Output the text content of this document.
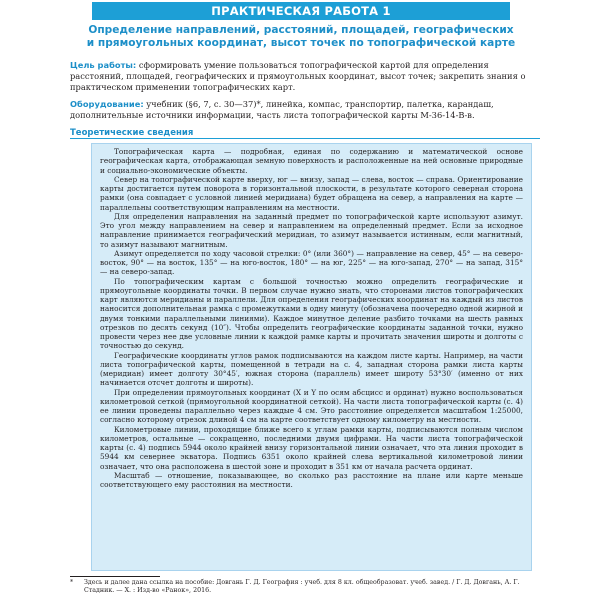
ПРАКТИЧЕСКАЯ РАБОТА 1
Определение направлений, расстояний, площадей, географических
и прямоугольных координат, высот точек по топографической карте
Цель работы: сформировать умение пользоваться топографической картой для определения расстояний, площадей, географических и прямоугольных координат, высот точек; закрепить знания о практическом применении топографических карт.
Оборудование: учебник (§6, 7, с. 30—37)*, линейка, компас, транспортир, палетка, карандаш, дополнительные источники информации, часть листа топографической карты М-36-14-В-в.
Теоретические сведения

Топографическая карта — подробная, единая по содержанию и математической основе географическая карта, отображающая земную поверхность и расположенные на ней основные природные и социально-экономические объекты.

Север на топографической карте вверху, юг — внизу, запад — слева, восток — справа. Ориентирование карты достигается путем поворота в горизонтальной плоскости, в результате которого северная сторона рамки (она совпадает с условной линией меридиана) будет обращена на север, а направления на карте — параллельны соответствующим направлениям на местности.

Для определения направления на заданный предмет по топографической карте используют азимут. Это угол между направлением на север и направлением на определенный предмет. Если за исходное направление принимается географический меридиан, то азимут называется истинным, если магнитный, то азимут называют магнитным.

Азимут определяется по ходу часовой стрелки: 0° (или 360°) — направление на север, 45° — на северо-восток, 90° — на восток, 135° — на юго-восток, 180° — на юг, 225° — на юго-запад, 270° — на запад, 315° — на северо-запад.

По топографическим картам с большой точностью можно определить географические и прямоугольные координаты точки. В первом случае нужно знать, что сторонами листов топографических карт являются меридианы и параллели. Для определения географических координат на каждый из листов наносится дополнительная рамка с промежутками в одну минуту (обозначена поочередно одной жирной и двумя тонкими параллельными линиями). Каждое минутное деление разбито точками на шесть равных отрезков по десять секунд (10″). Чтобы определить географические координаты заданной точки, нужно провести через нее две условные линии к каждой рамке карты и прочитать значения широты и долготы с точностью до секунд.

Географические координаты углов рамок подписываются на каждом листе карты. Например, на части листа топографической карты, помещенной в тетради на с. 4, западная сторона рамки листа карты (меридиан) имеет долготу 30°45′, южная сторона (параллель) имеет широту 53°30′ (именно от них начинается отсчет долготы и широты).

При определении прямоугольных координат (X и Y по осям абсцисс и ординат) нужно воспользоваться километровой сеткой (прямоугольной координатной сеткой). На части листа топографической карты (с. 4) ее линии проведены параллельно через каждые 4 см. Это расстояние определяется масштабом 1:25000, согласно которому отрезок длиной 4 см на карте соответствует одному километру на местности.

Километровые линии, проходящие ближе всего к углам рамки карты, подписываются полным числом километров, остальные — сокращенно, последними двумя цифрами. На части листа топографической карты (с. 4) подпись 5944 около крайней внизу горизонтальной линии означает, что эта линия проходит в 5944 км севернее экватора. Подпись 6351 около крайней слева вертикальной километровой линии означает, что она расположена в шестой зоне и проходит в 351 км от начала расчета ординат.

Масштаб — отношение, показывающее, во сколько раз расстояние на плане или карте меньше соответствующего ему расстояния на местности.

* Здесь и далее дана ссылка на пособие: Довгань Г. Д. География : учеб. для 8 кл. общеобразоват. учеб. завед. / Г. Д. Довгань, А. Г. Стадник. — Х. : Изд-во «Ранок», 2016.
